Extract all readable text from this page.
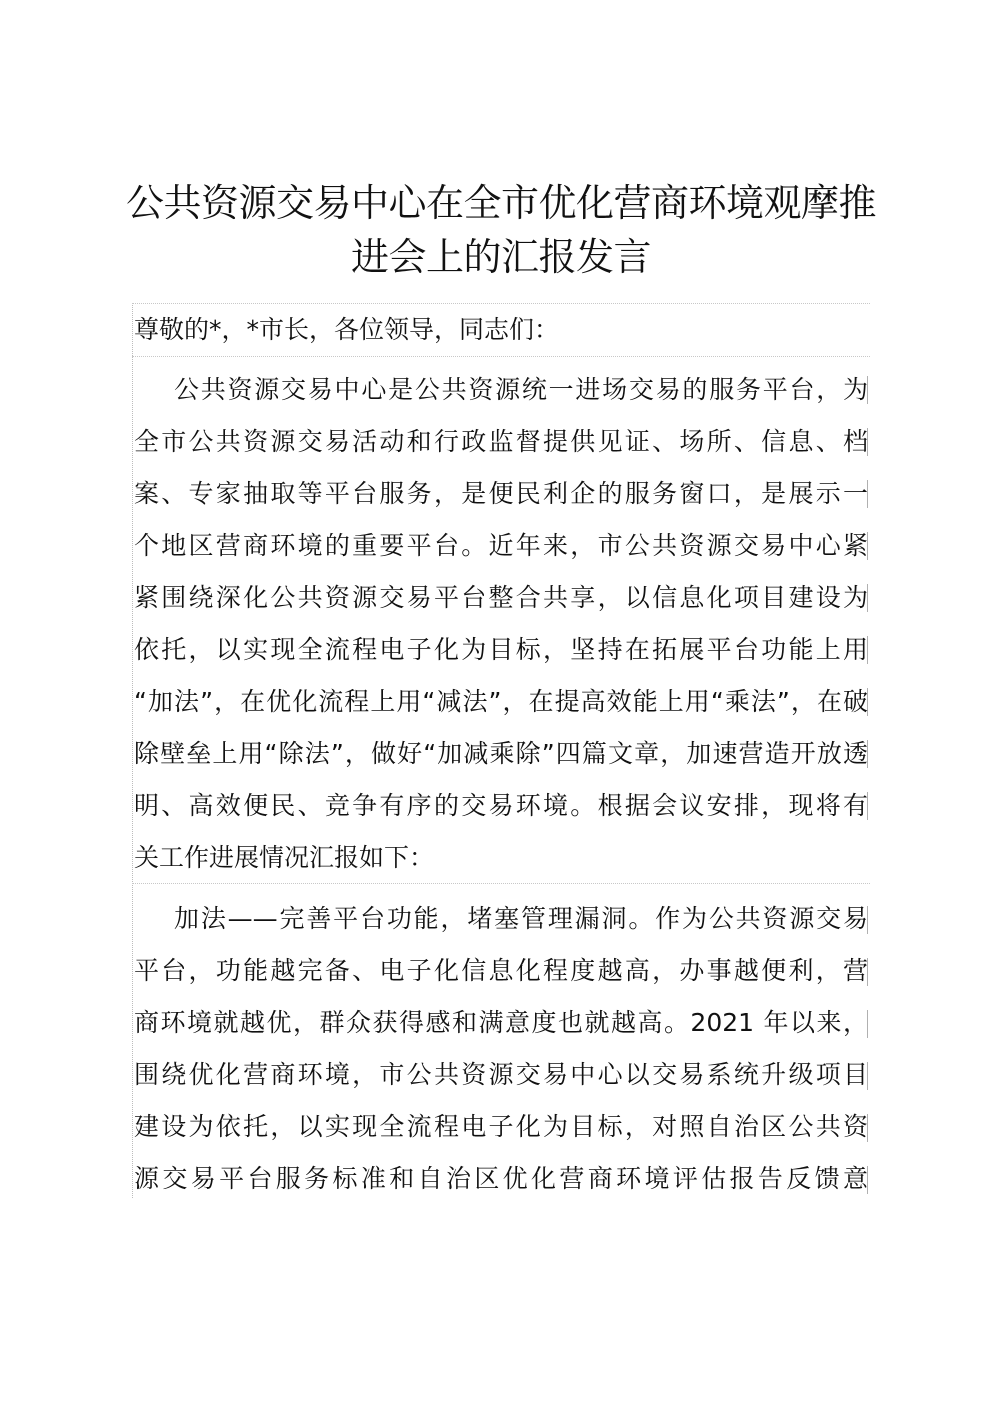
公共资源交易中心在全市优化营商环境观摩推
进会上的汇报发言

尊敬的*，*市长，各位领导，同志们：

公共资源交易中心是公共资源统一进场交易的服务平台，为
全市公共资源交易活动和行政监督提供见证、场所、信息、档
案、专家抽取等平台服务，是便民利企的服务窗口，是展示一
个地区营商环境的重要平台。近年来，市公共资源交易中心紧
紧围绕深化公共资源交易平台整合共享，以信息化项目建设为
依托，以实现全流程电子化为目标，坚持在拓展平台功能上用
“加法”，在优化流程上用“减法”，在提高效能上用“乘法”，在破
除壁垒上用“除法”，做好“加减乘除”四篇文章，加速营造开放透
明、高效便民、竞争有序的交易环境。根据会议安排，现将有
关工作进展情况汇报如下：

加法——完善平台功能，堵塞管理漏洞。作为公共资源交易
平台，功能越完备、电子化信息化程度越高，办事越便利，营
商环境就越优，群众获得感和满意度也就越高。2021 年以来，
围绕优化营商环境，市公共资源交易中心以交易系统升级项目
建设为依托，以实现全流程电子化为目标，对照自治区公共资
源交易平台服务标准和自治区优化营商环境评估报告反馈意
